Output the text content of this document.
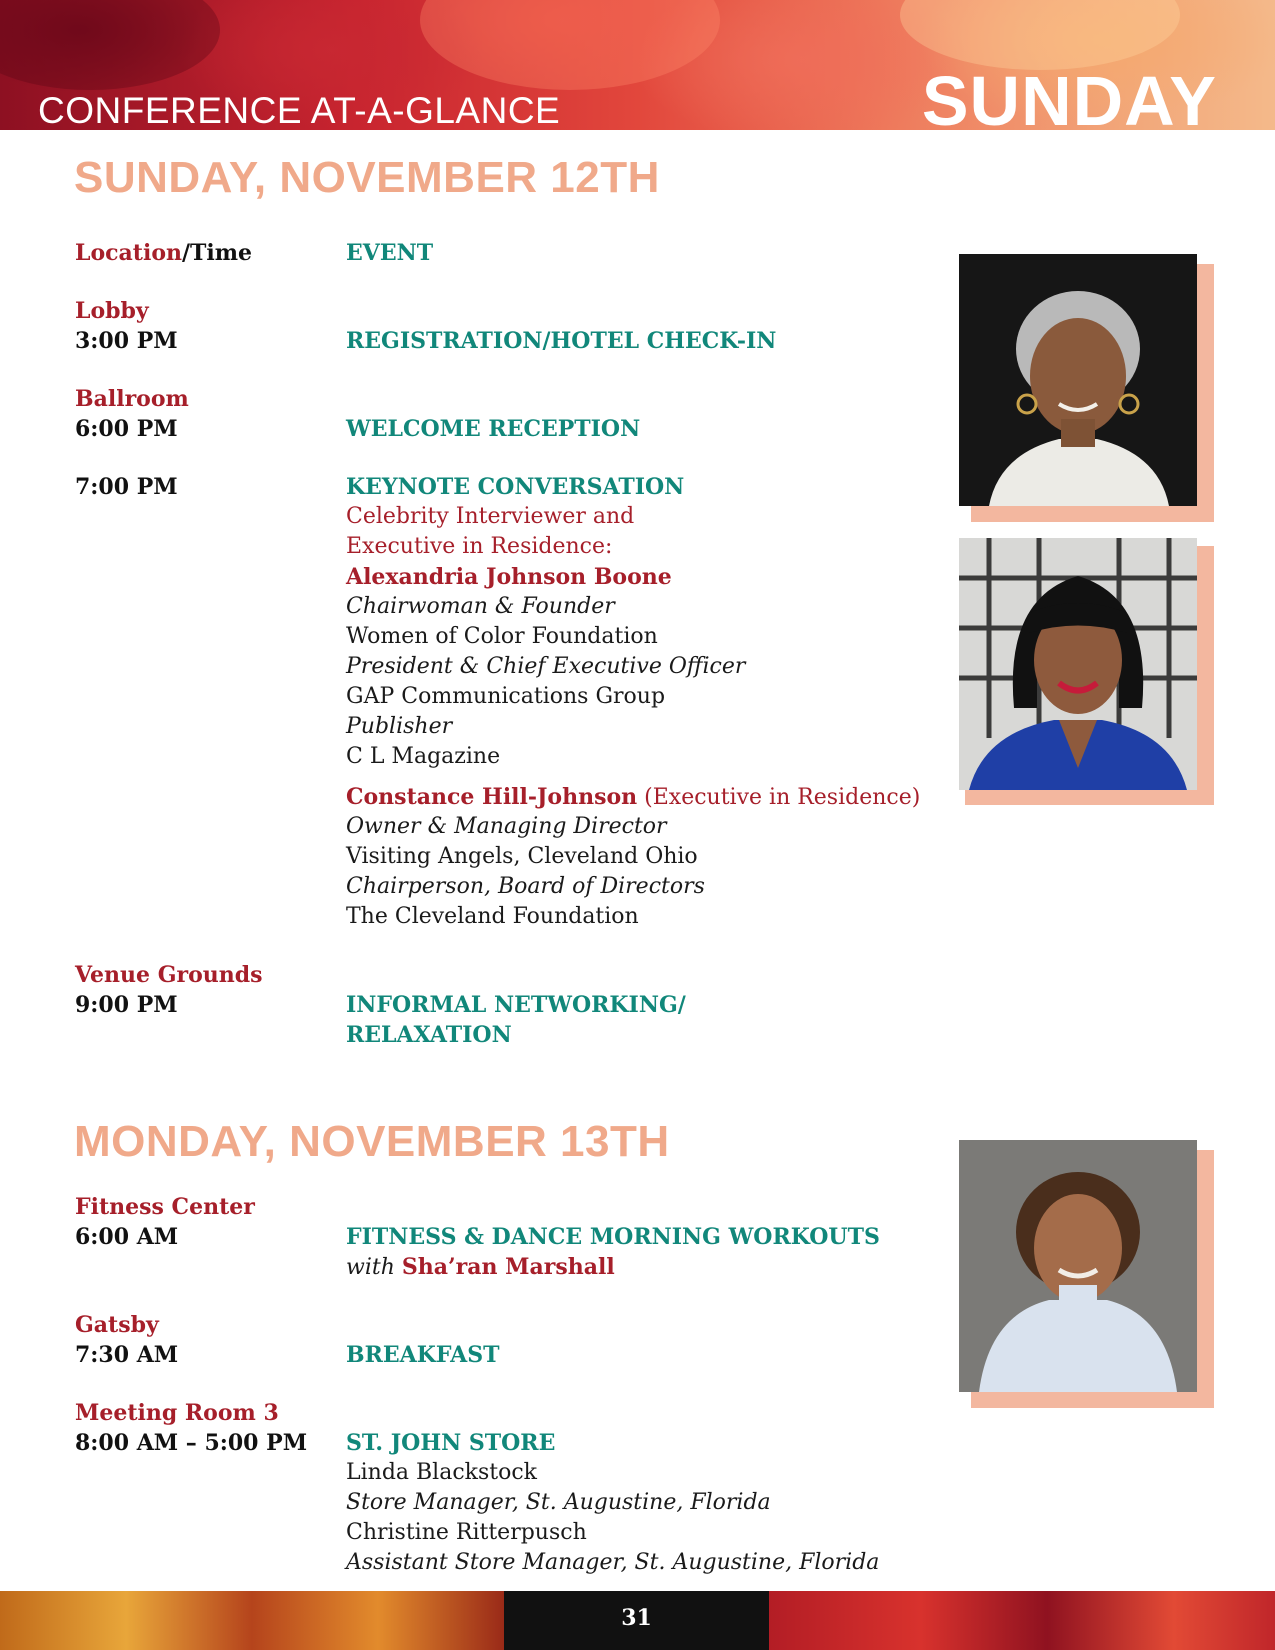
CONFERENCE AT-A-GLANCE	SUNDAY
SUNDAY, NOVEMBER 12TH
Location/Time	EVENT
Lobby
3:00 PM	REGISTRATION/HOTEL CHECK-IN
Ballroom
6:00 PM	WELCOME RECEPTION
7:00 PM	KEYNOTE CONVERSATION
Celebrity Interviewer and
Executive in Residence:
Alexandria Johnson Boone
Chairwoman & Founder
Women of Color Foundation
President & Chief Executive Officer
GAP Communications Group
Publisher
C L Magazine
Constance Hill-Johnson (Executive in Residence)
Owner & Managing Director
Visiting Angels, Cleveland Ohio
Chairperson, Board of Directors
The Cleveland Foundation
Venue Grounds
9:00 PM	INFORMAL NETWORKING/
RELAXATION
MONDAY, NOVEMBER 13TH
Fitness Center
6:00 AM	FITNESS & DANCE MORNING WORKOUTS
with Sha’ran Marshall
Gatsby
7:30 AM	BREAKFAST
Meeting Room 3
8:00 AM – 5:00 PM ST. JOHN STORE
Linda Blackstock
Store Manager, St. Augustine, Florida
Christine Ritterpusch
Assistant Store Manager, St. Augustine, Florida
31
